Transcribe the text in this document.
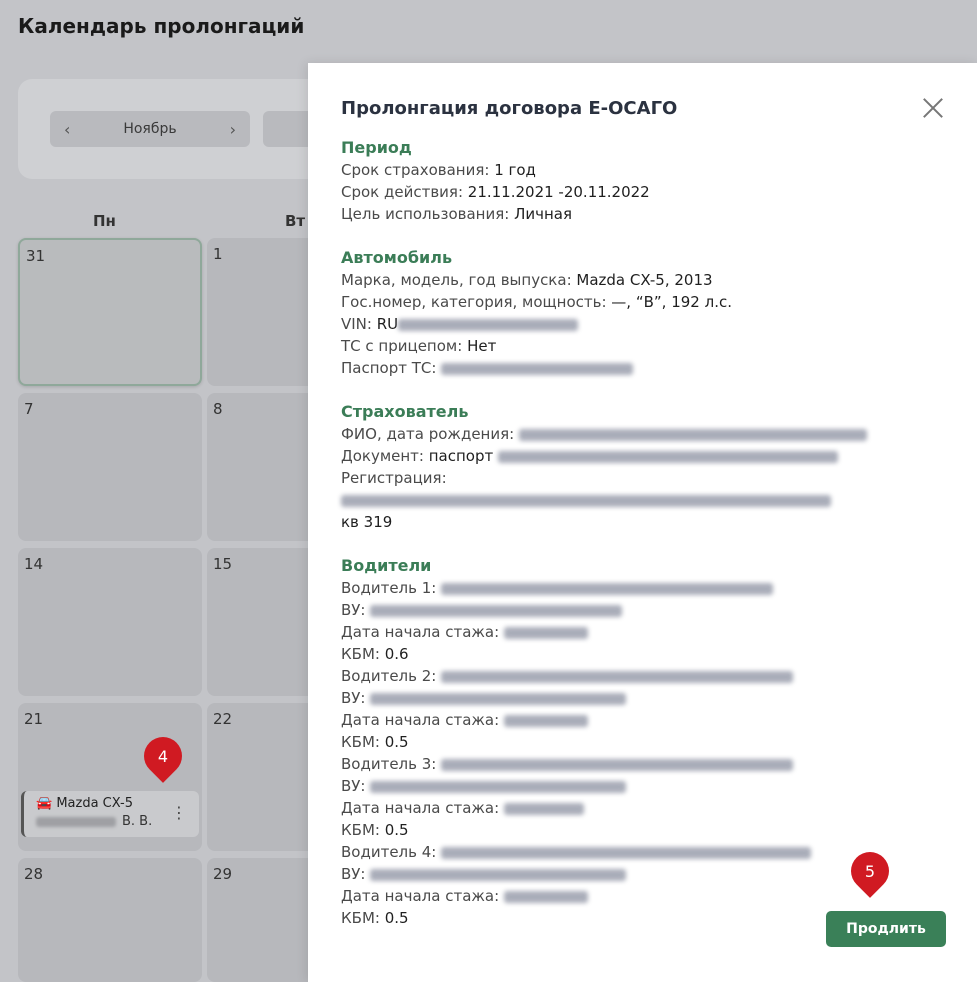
Календарь пролонгаций
‹	Ноябрь	›
Пн	Вт
31	1
7	8
14	15
21	22
28	29
🚘 Mazda CX-5
В. В.	⋮
Пролонгация договора Е-ОСАГО
Период
Срок страхования: 1 год
Срок действия: 21.11.2021 -20.11.2022
Цель использования: Личная
Автомобиль
Марка, модель, год выпуска: Mazda CX-5, 2013
Гос.номер, категория, мощность: —, “В”, 192 л.с.
VIN: RU
ТС с прицепом: Нет
Паспорт ТС:
Страхователь
ФИО, дата рождения:
Документ: паспорт
Регистрация:
кв 319
Водители
Водитель 1:
ВУ:
Дата начала стажа:
КБМ: 0.6
Водитель 2:
ВУ:
Дата начала стажа:
КБМ: 0.5
Водитель 3:
ВУ:
Дата начала стажа:
КБМ: 0.5
Водитель 4:
ВУ:
Дата начала стажа:
КБМ: 0.5
Продлить
4
5
